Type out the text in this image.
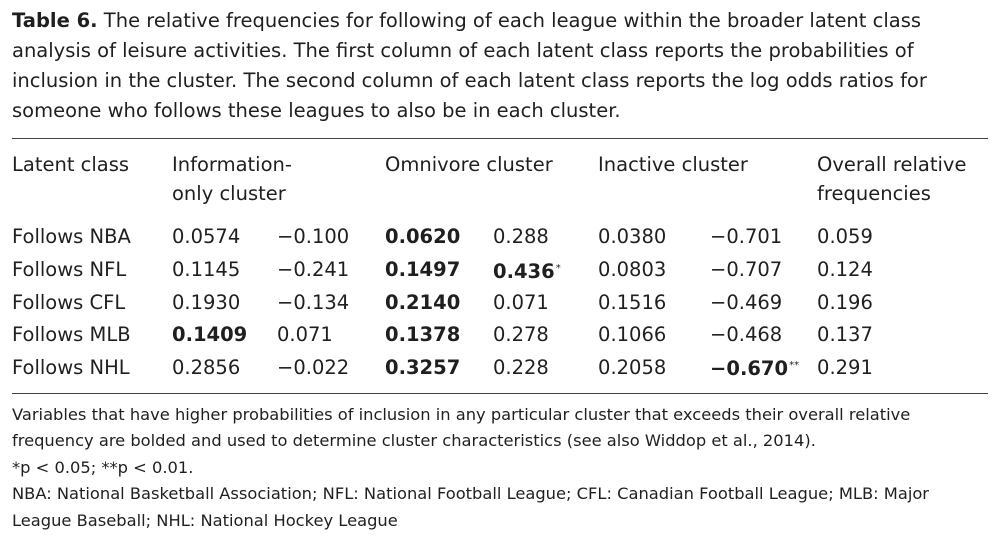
Table 6. The relative frequencies for following of each league within the broader latent class analysis of leisure activities. The first column of each latent class reports the probabilities of inclusion in the cluster. The second column of each latent class reports the log odds ratios for someone who follows these leagues to also be in each cluster.

Latent class	Information-only cluster		Omnivore cluster		Inactive cluster		Overall relative frequencies
Follows NBA	0.0574	−0.100	0.0620	0.288	0.0380	−0.701	0.059
Follows NFL	0.1145	−0.241	0.1497	0.436*	0.0803	−0.707	0.124
Follows CFL	0.1930	−0.134	0.2140	0.071	0.1516	−0.469	0.196
Follows MLB	0.1409	0.071	0.1378	0.278	0.1066	−0.468	0.137
Follows NHL	0.2856	−0.022	0.3257	0.228	0.2058	−0.670**	0.291

Variables that have higher probabilities of inclusion in any particular cluster that exceeds their overall relative frequency are bolded and used to determine cluster characteristics (see also Widdop et al., 2014).

*p < 0.05; **p < 0.01.

NBA: National Basketball Association; NFL: National Football League; CFL: Canadian Football League; MLB: Major League Baseball; NHL: National Hockey League
